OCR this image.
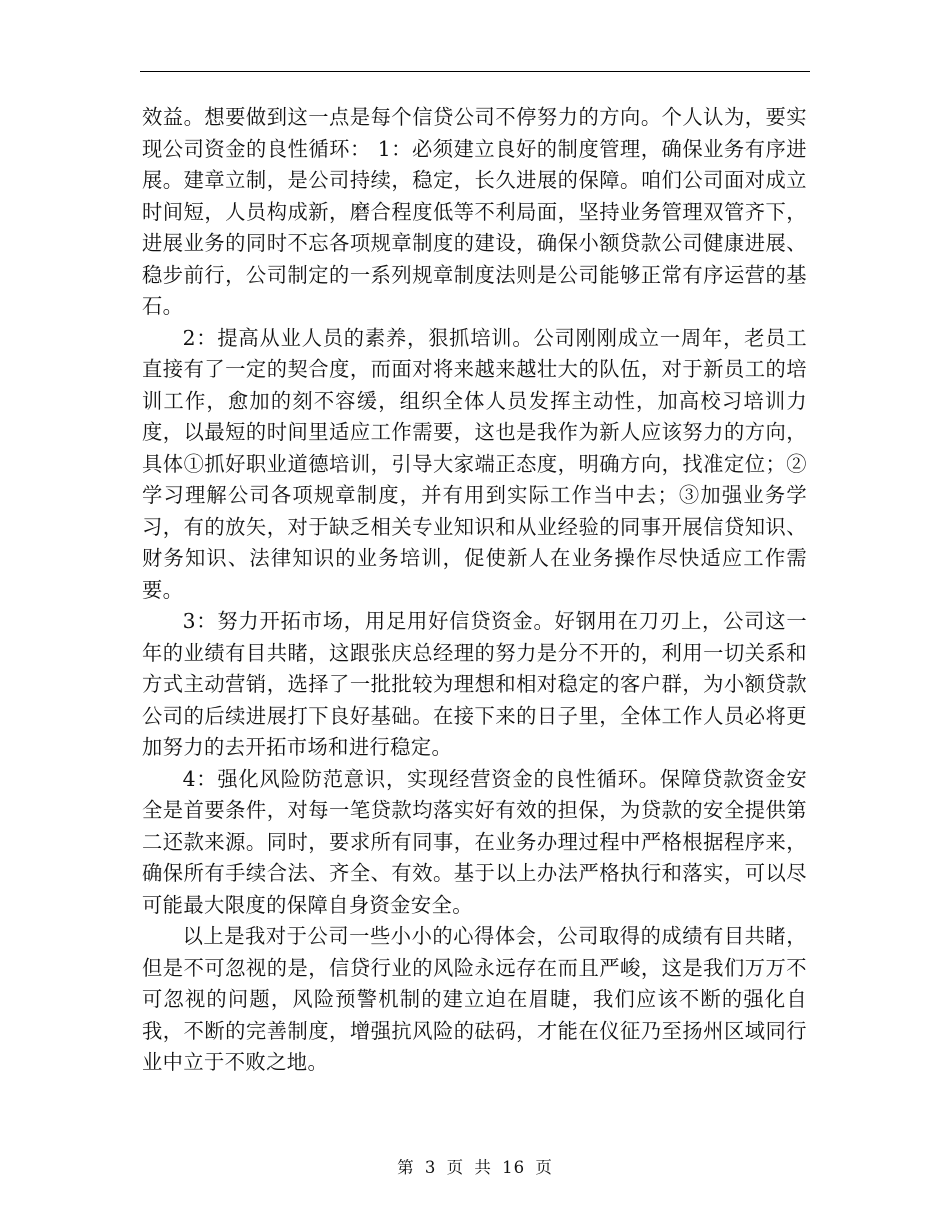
效益。想要做到这一点是每个信贷公司不停努力的方向。个人认为，要实现公司资金的良性循环： 1：必须建立良好的制度管理，确保业务有序进展。建章立制，是公司持续，稳定，长久进展的保障。咱们公司面对成立时间短，人员构成新，磨合程度低等不利局面，坚持业务管理双管齐下，进展业务的同时不忘各项规章制度的建设，确保小额贷款公司健康进展、稳步前行，公司制定的一系列规章制度法则是公司能够正常有序运营的基石。

2：提高从业人员的素养，狠抓培训。公司刚刚成立一周年，老员工直接有了一定的契合度，而面对将来越来越壮大的队伍，对于新员工的培训工作，愈加的刻不容缓，组织全体人员发挥主动性，加高校习培训力度，以最短的时间里适应工作需要，这也是我作为新人应该努力的方向，具体①抓好职业道德培训，引导大家端正态度，明确方向，找准定位；②学习理解公司各项规章制度，并有用到实际工作当中去；③加强业务学习，有的放矢，对于缺乏相关专业知识和从业经验的同事开展信贷知识、财务知识、法律知识的业务培训，促使新人在业务操作尽快适应工作需要。

3：努力开拓市场，用足用好信贷资金。好钢用在刀刃上，公司这一年的业绩有目共睹，这跟张庆总经理的努力是分不开的，利用一切关系和方式主动营销，选择了一批批较为理想和相对稳定的客户群，为小额贷款公司的后续进展打下良好基础。在接下来的日子里，全体工作人员必将更加努力的去开拓市场和进行稳定。

4：强化风险防范意识，实现经营资金的良性循环。保障贷款资金安全是首要条件，对每一笔贷款均落实好有效的担保，为贷款的安全提供第二还款来源。同时，要求所有同事，在业务办理过程中严格根据程序来，确保所有手续合法、齐全、有效。基于以上办法严格执行和落实，可以尽可能最大限度的保障自身资金安全。

以上是我对于公司一些小小的心得体会，公司取得的成绩有目共睹，但是不可忽视的是，信贷行业的风险永远存在而且严峻，这是我们万万不可忽视的问题，风险预警机制的建立迫在眉睫，我们应该不断的强化自我，不断的完善制度，增强抗风险的砝码，才能在仪征乃至扬州区域同行业中立于不败之地。

第 3 页 共 16 页
